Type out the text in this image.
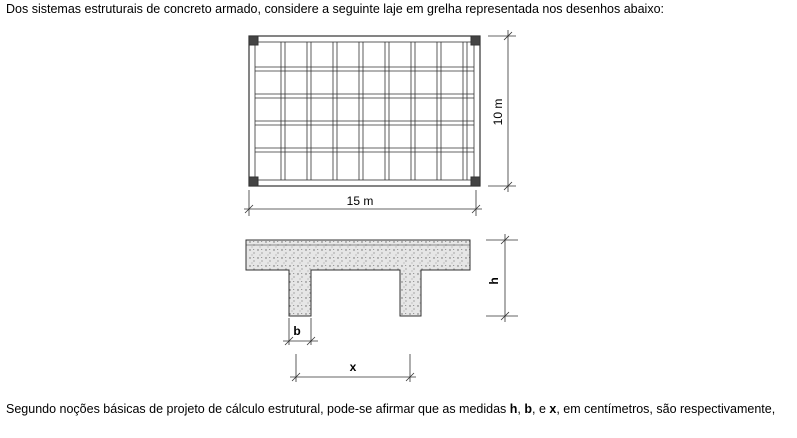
Dos sistemas estruturais de concreto armado, considere a seguinte laje em grelha representada nos desenhos abaixo:
10 m
15 m
h
b
x
Segundo noções básicas de projeto de cálculo estrutural, pode-se afirmar que as medidas h, b, e x, em centímetros, são respectivamente,
